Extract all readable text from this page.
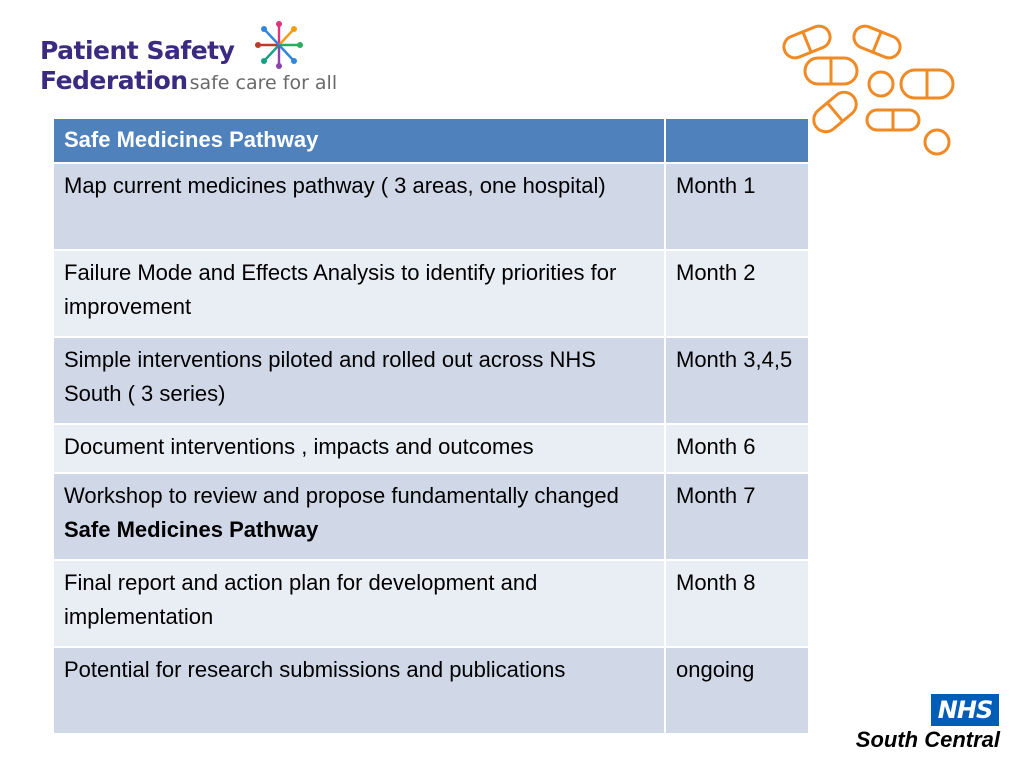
Patient Safety
Federation safe care for all
Safe Medicines Pathway	
Map current medicines pathway ( 3 areas, one hospital)	Month 1
Failure Mode and Effects Analysis to identify priorities for improvement	Month 2
Simple interventions piloted and rolled out across NHS South ( 3 series)	Month 3,4,5
Document interventions , impacts and outcomes	Month 6
Workshop to review and propose fundamentally changed Safe Medicines Pathway	Month 7
Final report and action plan for development and implementation	Month 8
Potential for research submissions and publications	ongoing
NHS
South Central
